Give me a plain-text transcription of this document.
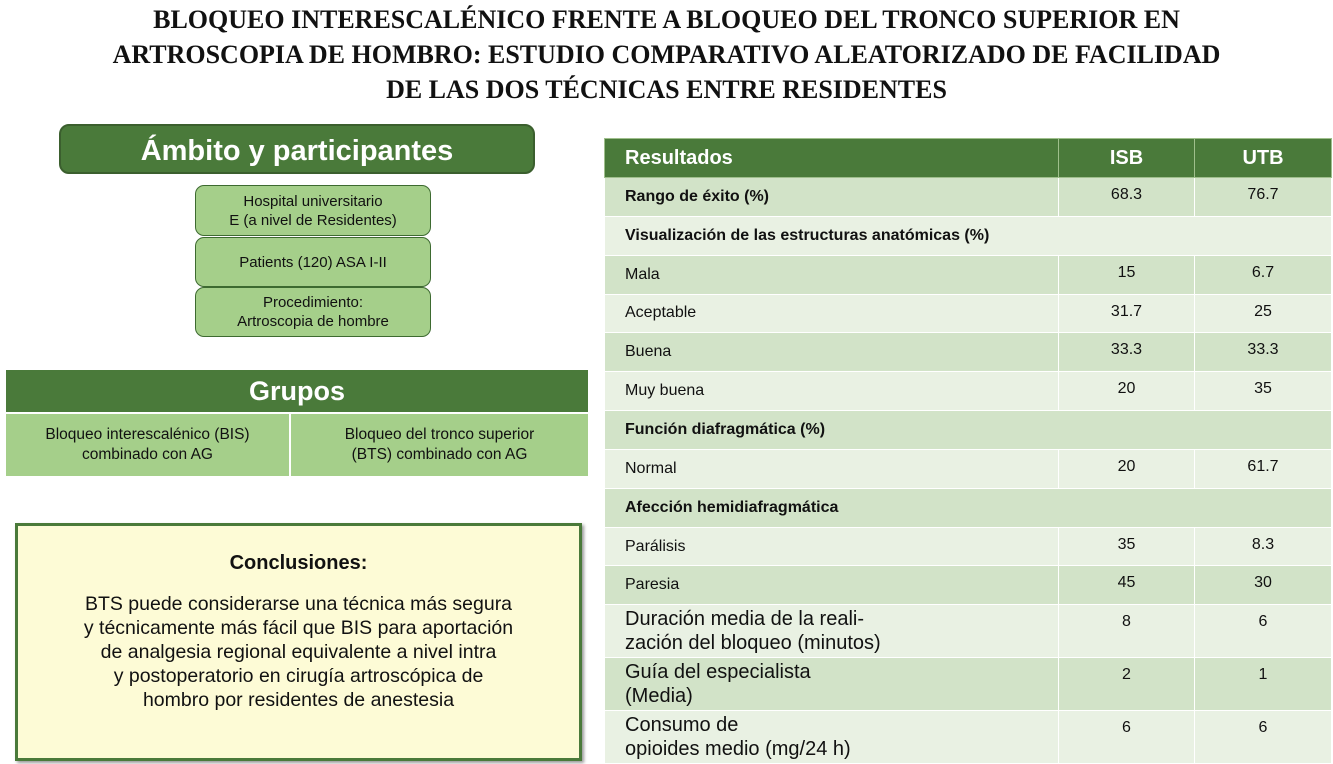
BLOQUEO INTERESCALÉNICO FRENTE A BLOQUEO DEL TRONCO SUPERIOR EN
ARTROSCOPIA DE HOMBRO: ESTUDIO COMPARATIVO ALEATORIZADO DE FACILIDAD
DE LAS DOS TÉCNICAS ENTRE RESIDENTES
Ámbito y participantes
Hospital universitario
E (a nivel de Residentes)
Patients (120) ASA I-II
Procedimiento:
Artroscopia de hombre
Grupos
Bloqueo interescalénico (BIS)
combinado con AG
Bloqueo del tronco superior
(BTS) combinado con AG
Conclusiones:
BTS puede considerarse una técnica más segura
y técnicamente más fácil que BIS para aportación
de analgesia regional equivalente a nivel intra
y postoperatorio en cirugía artroscópica de
hombro por residentes de anestesia
Resultados	ISB	UTB
Rango de éxito (%)	68.3	76.7
Visualización de las estructuras anatómicas (%)		
Mala	15	6.7
Aceptable	31.7	25
Buena	33.3	33.3
Muy buena	20	35
Función diafragmática (%)		
Normal	20	61.7
Afección hemidiafragmática		
Parálisis	35	8.3
Paresia	45	30

Duración media de la reali-
zación del bloqueo (minutos)	8	6

Guía del especialista
(Media)	2	1

Consumo de
opioides medio (mg/24 h)	6	6
